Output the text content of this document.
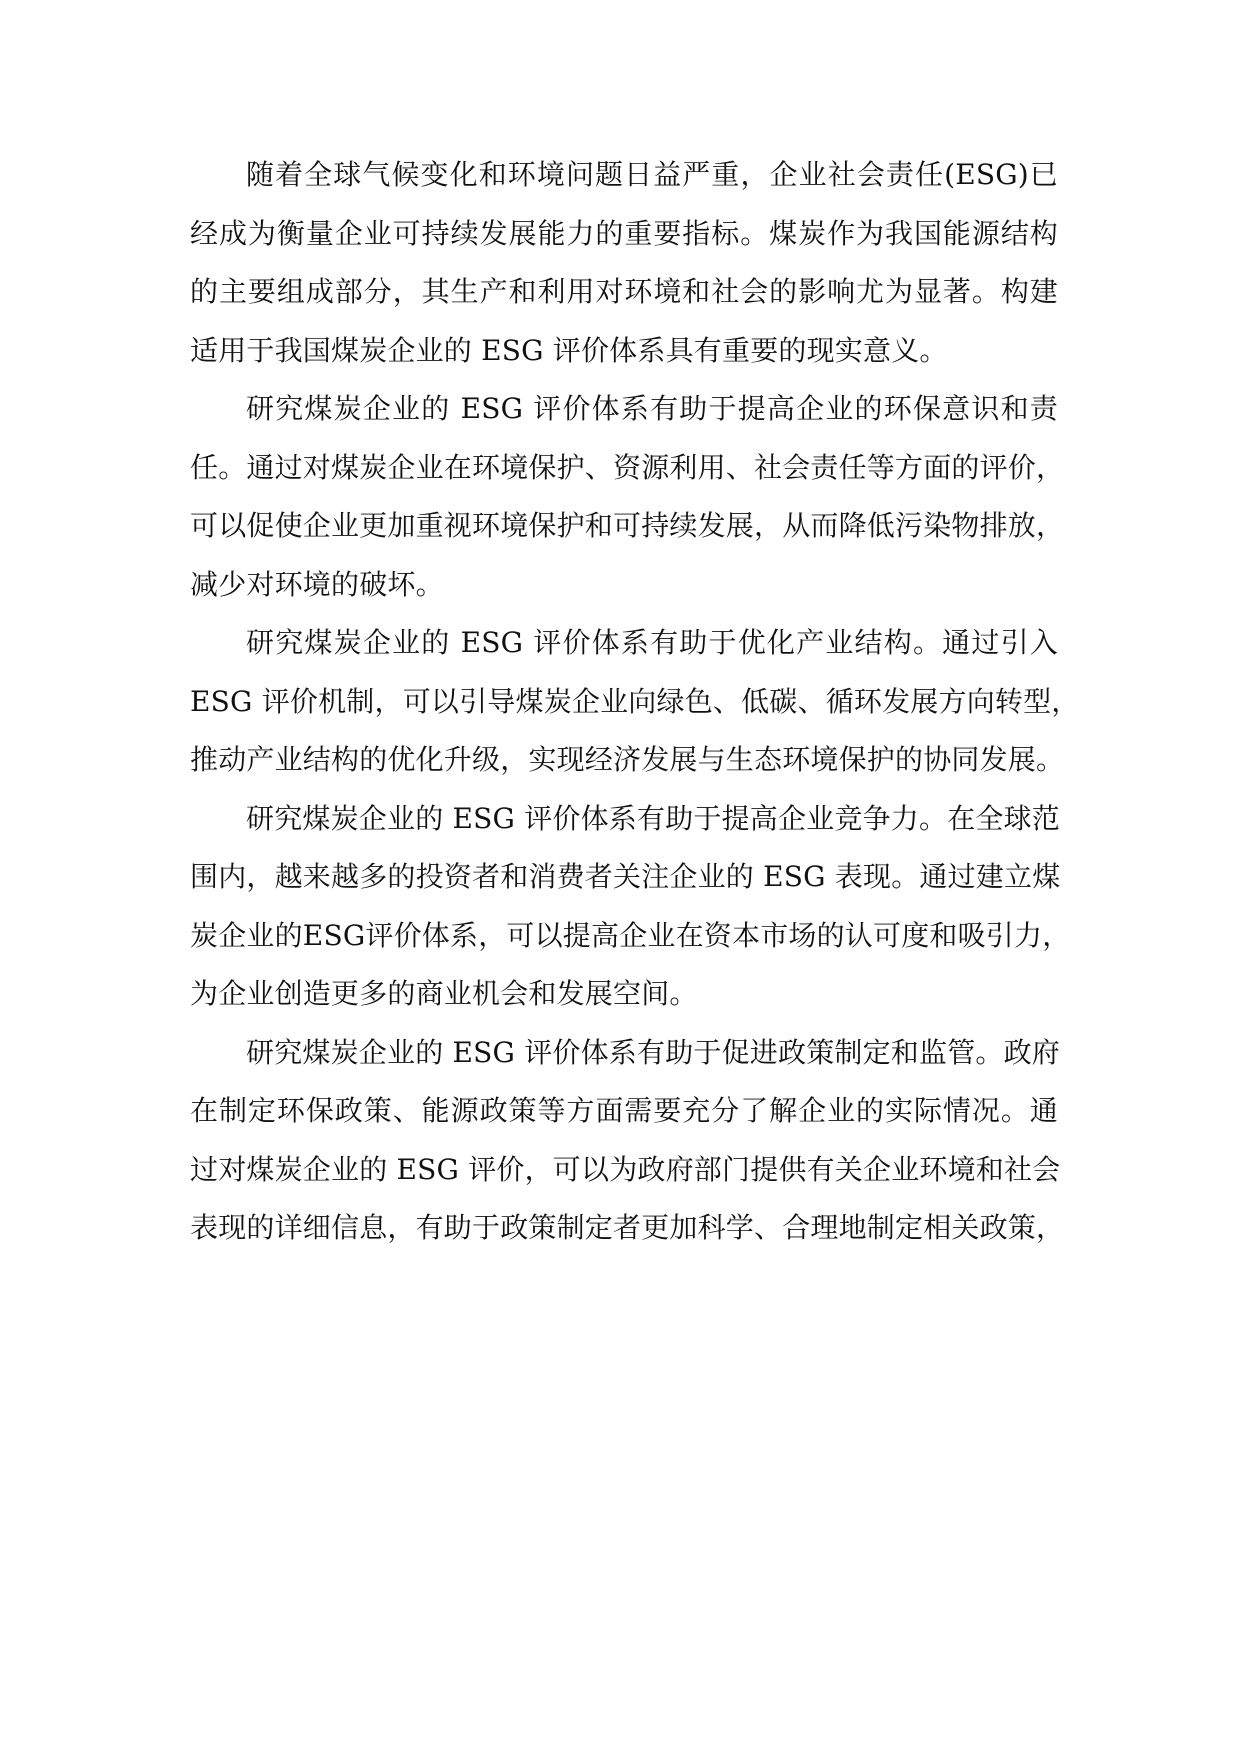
随着全球气候变化和环境问题日益严重，企业社会责任(ESG)已
经成为衡量企业可持续发展能力的重要指标。煤炭作为我国能源结构
的主要组成部分，其生产和利用对环境和社会的影响尤为显著。构建
适用于我国煤炭企业的 ESG 评价体系具有重要的现实意义。
研究煤炭企业的 ESG 评价体系有助于提高企业的环保意识和责
任。通过对煤炭企业在环境保护、资源利用、社会责任等方面的评价，
可以促使企业更加重视环境保护和可持续发展，从而降低污染物排放，
减少对环境的破坏。
研究煤炭企业的 ESG 评价体系有助于优化产业结构。通过引入
ESG 评价机制，可以引导煤炭企业向绿色、低碳、循环发展方向转型，
推动产业结构的优化升级，实现经济发展与生态环境保护的协同发展。
研究煤炭企业的 ESG 评价体系有助于提高企业竞争力。在全球范
围内，越来越多的投资者和消费者关注企业的 ESG 表现。通过建立煤
炭企业的ESG评价体系，可以提高企业在资本市场的认可度和吸引力，
为企业创造更多的商业机会和发展空间。
研究煤炭企业的 ESG 评价体系有助于促进政策制定和监管。政府
在制定环保政策、能源政策等方面需要充分了解企业的实际情况。通
过对煤炭企业的 ESG 评价，可以为政府部门提供有关企业环境和社会
表现的详细信息，有助于政策制定者更加科学、合理地制定相关政策，
